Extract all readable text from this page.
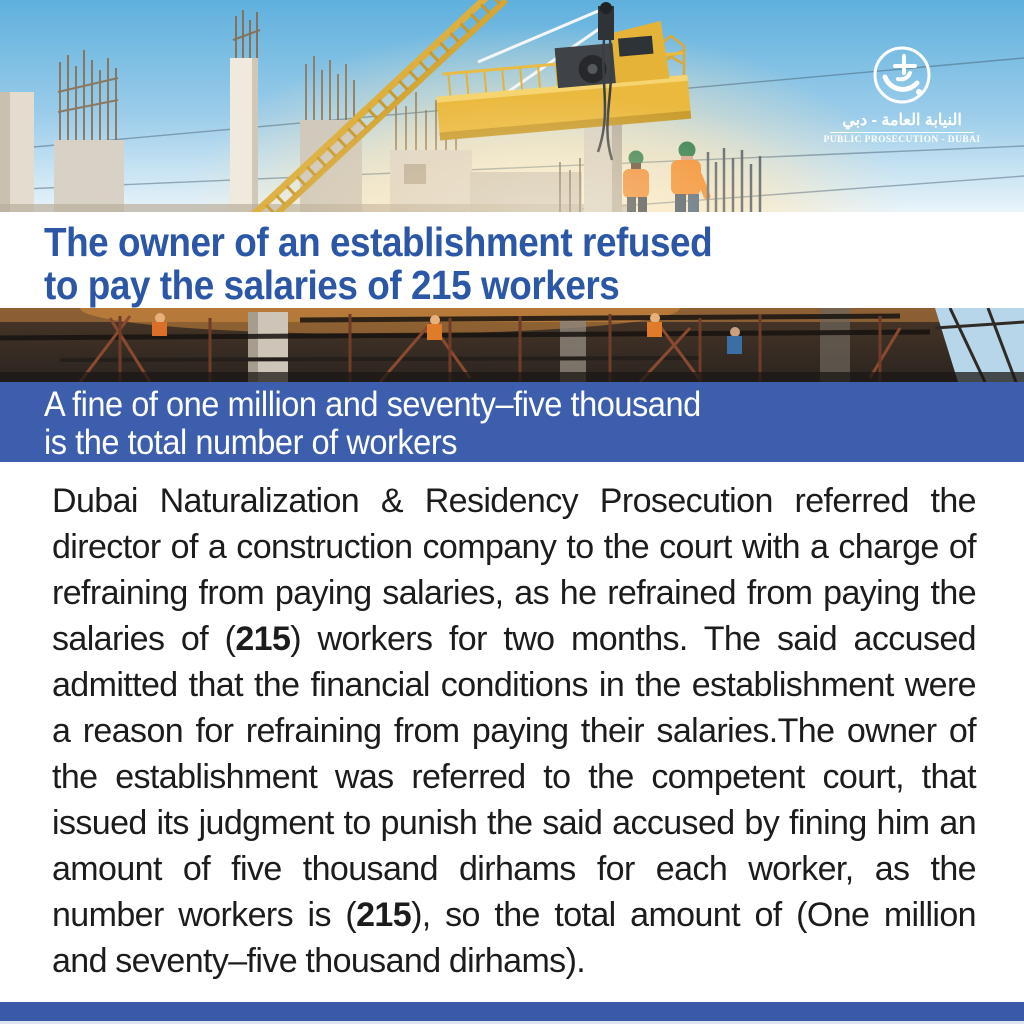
النيابة العامة - دبي
PUBLIC PROSECUTION - DUBAI
The owner of an establishment refused
to pay the salaries of 215 workers
A fine of one million and seventy–five thousand
is the total number of workers

Dubai Naturalization & Residency Prosecution referred the director of a construction company to the court with a charge of refraining from paying salaries, as he refrained from paying the salaries of (215) workers for two months. The said accused admitted that the financial conditions in the establishment were a reason for refraining from paying their salaries.The owner of the establishment was referred to the competent court, that issued its judgment to punish the said accused by fining him an amount of five thousand dirhams for each worker, as the number workers is (215), so the total amount of (One million and seventy–five thousand dirhams).
